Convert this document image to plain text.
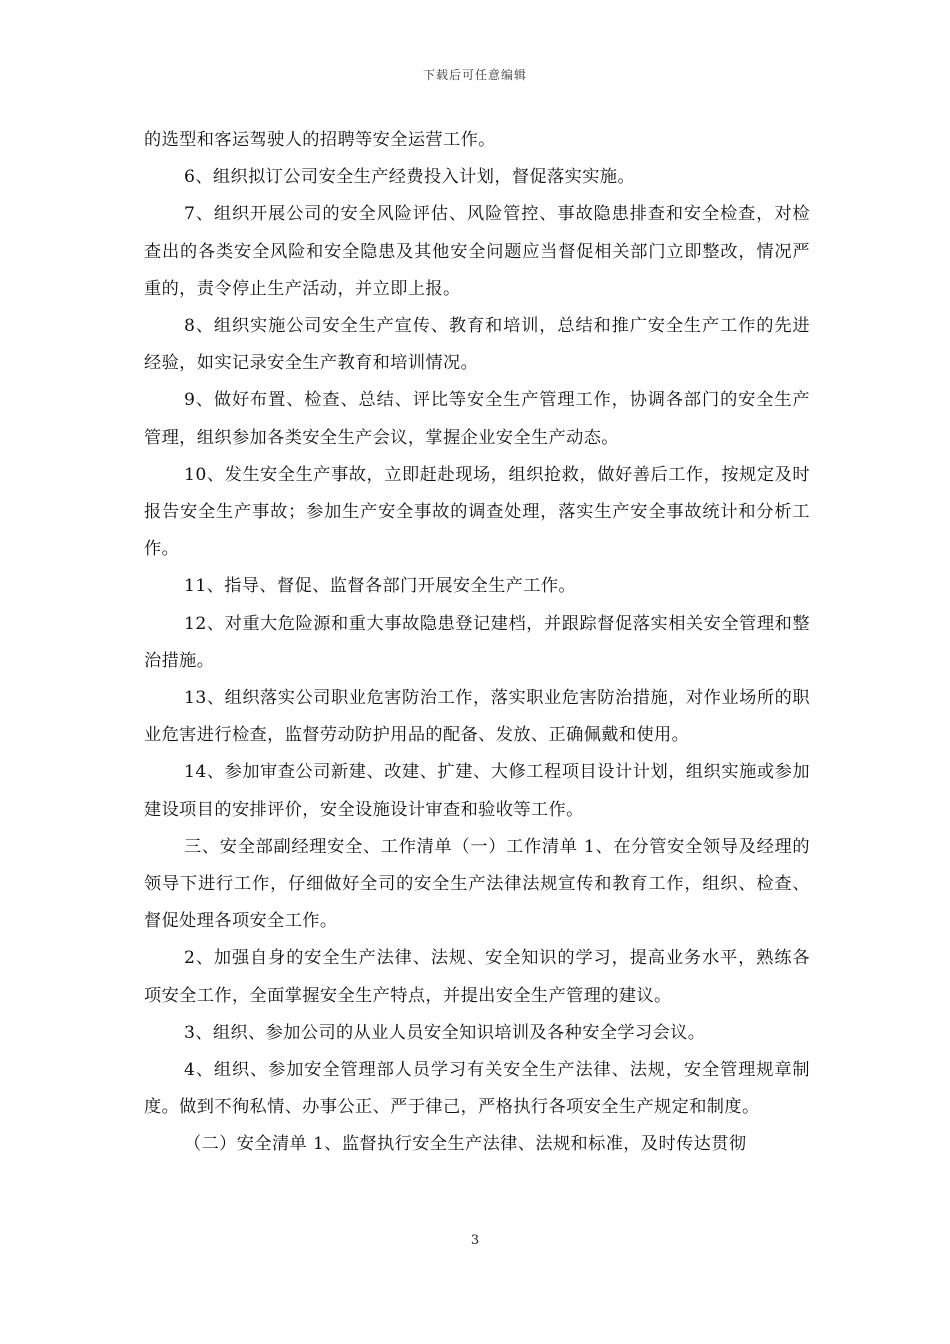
下载后可任意编辑

的选型和客运驾驶人的招聘等安全运营工作。

6、组织拟订公司安全生产经费投入计划，督促落实实施。

7、组织开展公司的安全风险评估、风险管控、事故隐患排查和安全检查，对检查出的各类安全风险和安全隐患及其他安全问题应当督促相关部门立即整改，情况严重的，责令停止生产活动，并立即上报。

8、组织实施公司安全生产宣传、教育和培训，总结和推广安全生产工作的先进经验，如实记录安全生产教育和培训情况。

9、做好布置、检查、总结、评比等安全生产管理工作，协调各部门的安全生产管理，组织参加各类安全生产会议，掌握企业安全生产动态。

10、发生安全生产事故，立即赶赴现场，组织抢救，做好善后工作，按规定及时报告安全生产事故；参加生产安全事故的调查处理，落实生产安全事故统计和分析工作。

11、指导、督促、监督各部门开展安全生产工作。

12、对重大危险源和重大事故隐患登记建档，并跟踪督促落实相关安全管理和整治措施。

13、组织落实公司职业危害防治工作，落实职业危害防治措施，对作业场所的职业危害进行检查，监督劳动防护用品的配备、发放、正确佩戴和使用。

14、参加审查公司新建、改建、扩建、大修工程项目设计计划，组织实施或参加建设项目的安排评价，安全设施设计审查和验收等工作。

三、安全部副经理安全、工作清单（一）工作清单 1、在分管安全领导及经理的领导下进行工作，仔细做好全司的安全生产法律法规宣传和教育工作，组织、检查、督促处理各项安全工作。

2、加强自身的安全生产法律、法规、安全知识的学习，提高业务水平，熟练各项安全工作，全面掌握安全生产特点，并提出安全生产管理的建议。

3、组织、参加公司的从业人员安全知识培训及各种安全学习会议。

4、组织、参加安全管理部人员学习有关安全生产法律、法规，安全管理规章制度。做到不徇私情、办事公正、严于律己，严格执行各项安全生产规定和制度。

（二）安全清单 1、监督执行安全生产法律、法规和标准，及时传达贯彻

3
